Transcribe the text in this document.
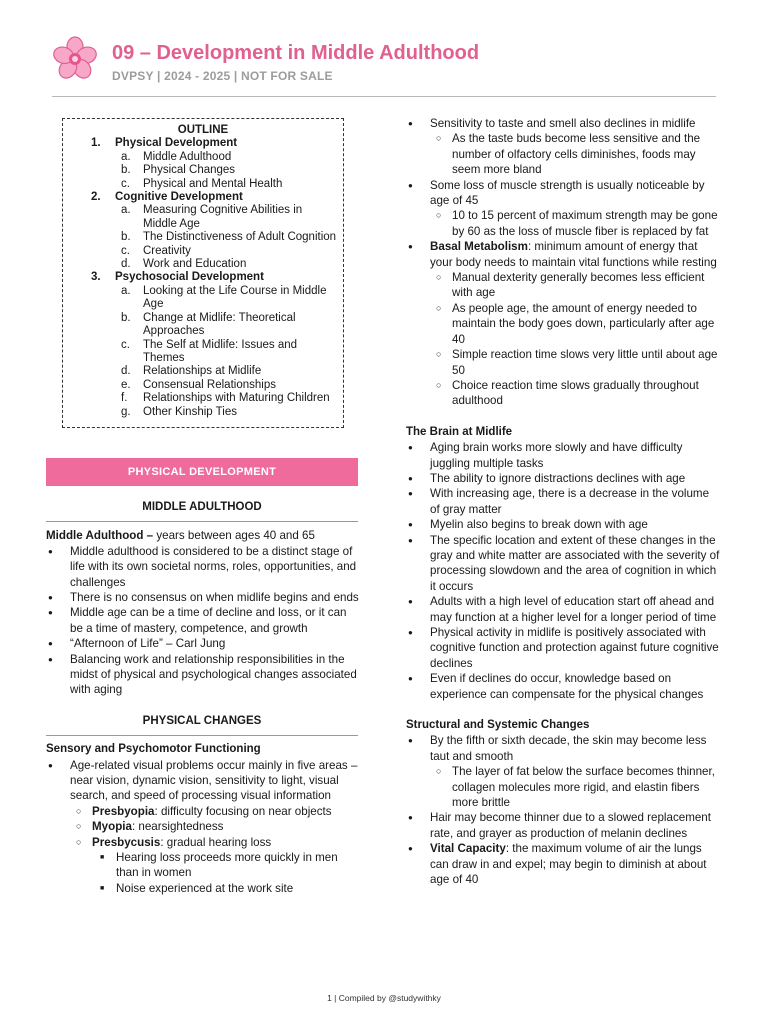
09 – Development in Middle Adulthood
DVPSY | 2024 - 2025 | NOT FOR SALE
OUTLINE
1. Physical Development
a. Middle Adulthood
b. Physical Changes
c. Physical and Mental Health
2. Cognitive Development
a. Measuring Cognitive Abilities in Middle Age
b. The Distinctiveness of Adult Cognition
c. Creativity
d. Work and Education
3. Psychosocial Development
a. Looking at the Life Course in Middle Age
b. Change at Midlife: Theoretical Approaches
c. The Self at Midlife: Issues and Themes
d. Relationships at Midlife
e. Consensual Relationships
f. Relationships with Maturing Children
g. Other Kinship Ties
PHYSICAL DEVELOPMENT
MIDDLE ADULTHOOD
Middle Adulthood – years between ages 40 and 65
● Middle adulthood is considered to be a distinct stage of life with its own societal norms, roles, opportunities, and challenges
● There is no consensus on when midlife begins and ends
● Middle age can be a time of decline and loss, or it can be a time of mastery, competence, and growth
● “Afternoon of Life” – Carl Jung
● Balancing work and relationship responsibilities in the midst of physical and psychological changes associated with aging
PHYSICAL CHANGES
Sensory and Psychomotor Functioning
● Age-related visual problems occur mainly in five areas – near vision, dynamic vision, sensitivity to light, visual search, and speed of processing visual information
○ Presbyopia: difficulty focusing on near objects
○ Myopia: nearsightedness
○ Presbycusis: gradual hearing loss
■ Hearing loss proceeds more quickly in men than in women
■ Noise experienced at the work site
● Sensitivity to taste and smell also declines in midlife
○ As the taste buds become less sensitive and the number of olfactory cells diminishes, foods may seem more bland
● Some loss of muscle strength is usually noticeable by age of 45
○ 10 to 15 percent of maximum strength may be gone by 60 as the loss of muscle fiber is replaced by fat
● Basal Metabolism: minimum amount of energy that your body needs to maintain vital functions while resting
○ Manual dexterity generally becomes less efficient with age
○ As people age, the amount of energy needed to maintain the body goes down, particularly after age 40
○ Simple reaction time slows very little until about age 50
○ Choice reaction time slows gradually throughout adulthood
The Brain at Midlife
● Aging brain works more slowly and have difficulty juggling multiple tasks
● The ability to ignore distractions declines with age
● With increasing age, there is a decrease in the volume of gray matter
● Myelin also begins to break down with age
● The specific location and extent of these changes in the gray and white matter are associated with the severity of processing slowdown and the area of cognition in which it occurs
● Adults with a high level of education start off ahead and may function at a higher level for a longer period of time
● Physical activity in midlife is positively associated with cognitive function and protection against future cognitive declines
● Even if declines do occur, knowledge based on experience can compensate for the physical changes
Structural and Systemic Changes
● By the fifth or sixth decade, the skin may become less taut and smooth
○ The layer of fat below the surface becomes thinner, collagen molecules more rigid, and elastin fibers more brittle
● Hair may become thinner due to a slowed replacement rate, and grayer as production of melanin declines
● Vital Capacity: the maximum volume of air the lungs can draw in and expel; may begin to diminish at about age of 40
1 | Compiled by @studywithky
